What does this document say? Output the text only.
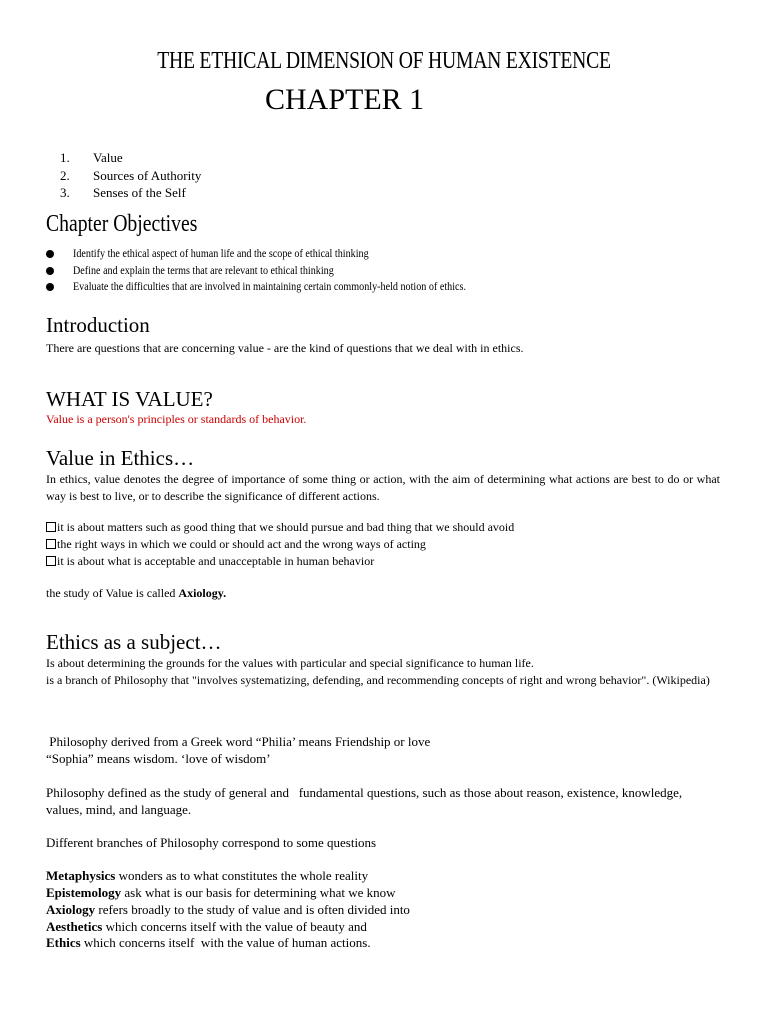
THE ETHICAL DIMENSION OF HUMAN EXISTENCE
CHAPTER 1
1.	Value
2.	Sources of Authority
3.	Senses of the Self
Chapter Objectives
Identify the ethical aspect of human life and the scope of ethical thinking
Define and explain the terms that are relevant to ethical thinking
Evaluate the difficulties that are involved in maintaining certain commonly-held notion of ethics.
Introduction
There are questions that are concerning value - are the kind of questions that we deal with in ethics.
WHAT IS VALUE?
Value is a person's principles or standards of behavior.
Value in Ethics…
In ethics, value denotes the degree of importance of some thing or action, with the aim of determining what actions are best to do or what way is best to live, or to describe the significance of different actions.
it is about matters such as good thing that we should pursue and bad thing that we should avoid
the right ways in which we could or should act and the wrong ways of acting
it is about what is acceptable and unacceptable in human behavior
the study of Value is called Axiology.
Ethics as a subject…
Is about determining the grounds for the values with particular and special significance to human life.
is a branch of Philosophy that "involves systematizing, defending, and recommending concepts of right and wrong behavior". (Wikipedia)
Philosophy derived from a Greek word “Philia’ means Friendship or love
“Sophia” means wisdom. ‘love of wisdom’
Philosophy defined as the study of general and   fundamental questions, such as those about reason, existence, knowledge, values, mind, and language.
Different branches of Philosophy correspond to some questions
Metaphysics wonders as to what constitutes the whole reality
Epistemology ask what is our basis for determining what we know
Axiology refers broadly to the study of value and is often divided into
Aesthetics which concerns itself with the value of beauty and
Ethics which concerns itself  with the value of human actions.
